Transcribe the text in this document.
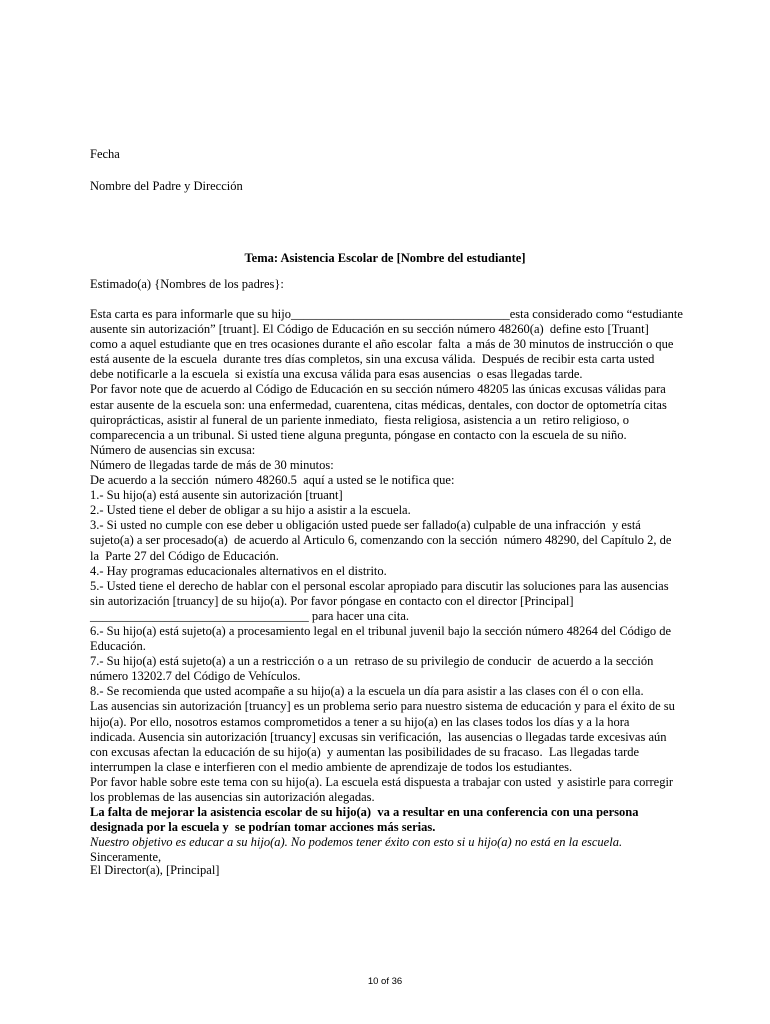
Fecha
Nombre del Padre y Dirección
Tema: Asistencia Escolar de [Nombre del estudiante]
Estimado(a) {Nombres de los padres}:
Esta carta es para informarle que su hijo___________________________________esta considerado como “estudiante
ausente sin autorización” [truant]. El Código de Educación en su sección número 48260(a)  define esto [Truant]
como a aquel estudiante que en tres ocasiones durante el año escolar  falta  a más de 30 minutos de instrucción o que
está ausente de la escuela  durante tres días completos, sin una excusa válida.  Después de recibir esta carta usted
debe notificarle a la escuela  si existía una excusa válida para esas ausencias  o esas llegadas tarde.
Por favor note que de acuerdo al Código de Educación en su sección número 48205 las únicas excusas válidas para
estar ausente de la escuela son: una enfermedad, cuarentena, citas médicas, dentales, con doctor de optometría citas
quiroprácticas, asistir al funeral de un pariente inmediato,  fiesta religiosa, asistencia a un  retiro religioso, o
comparecencia a un tribunal. Si usted tiene alguna pregunta, póngase en contacto con la escuela de su niño.
Número de ausencias sin excusa:
Número de llegadas tarde de más de 30 minutos:
De acuerdo a la sección  número 48260.5  aquí a usted se le notifica que:
1.- Su hijo(a) está ausente sin autorización [truant]
2.- Usted tiene el deber de obligar a su hijo a asistir a la escuela.
3.- Si usted no cumple con ese deber u obligación usted puede ser fallado(a) culpable de una infracción  y está
sujeto(a) a ser procesado(a)  de acuerdo al Articulo 6, comenzando con la sección  número 48290, del Capítulo 2, de
la  Parte 27 del Código de Educación.
4.- Hay programas educacionales alternativos en el distrito.
5.- Usted tiene el derecho de hablar con el personal escolar apropiado para discutir las soluciones para las ausencias
sin autorización [truancy] de su hijo(a). Por favor póngase en contacto con el director [Principal]
___________________________________ para hacer una cita.
6.- Su hijo(a) está sujeto(a) a procesamiento legal en el tribunal juvenil bajo la sección número 48264 del Código de
Educación.
7.- Su hijo(a) está sujeto(a) a un a restricción o a un  retraso de su privilegio de conducir  de acuerdo a la sección
número 13202.7 del Código de Vehículos.
8.- Se recomienda que usted acompañe a su hijo(a) a la escuela un día para asistir a las clases con él o con ella.
Las ausencias sin autorización [truancy] es un problema serio para nuestro sistema de educación y para el éxito de su
hijo(a). Por ello, nosotros estamos comprometidos a tener a su hijo(a) en las clases todos los días y a la hora
indicada. Ausencia sin autorización [truancy] excusas sin verificación,  las ausencias o llegadas tarde excesivas aún
con excusas afectan la educación de su hijo(a)  y aumentan las posibilidades de su fracaso.  Las llegadas tarde
interrumpen la clase e interfieren con el medio ambiente de aprendizaje de todos los estudiantes.
Por favor hable sobre este tema con su hijo(a). La escuela está dispuesta a trabajar con usted  y asistirle para corregir
los problemas de las ausencias sin autorización alegadas.
La falta de mejorar la asistencia escolar de su hijo(a)  va a resultar en una conferencia con una persona
designada por la escuela y  se podrían tomar acciones más serias.
Nuestro objetivo es educar a su hijo(a). No podemos tener éxito con esto si u hijo(a) no está en la escuela.
Sinceramente,
El Director(a), [Principal]
10 of 36
